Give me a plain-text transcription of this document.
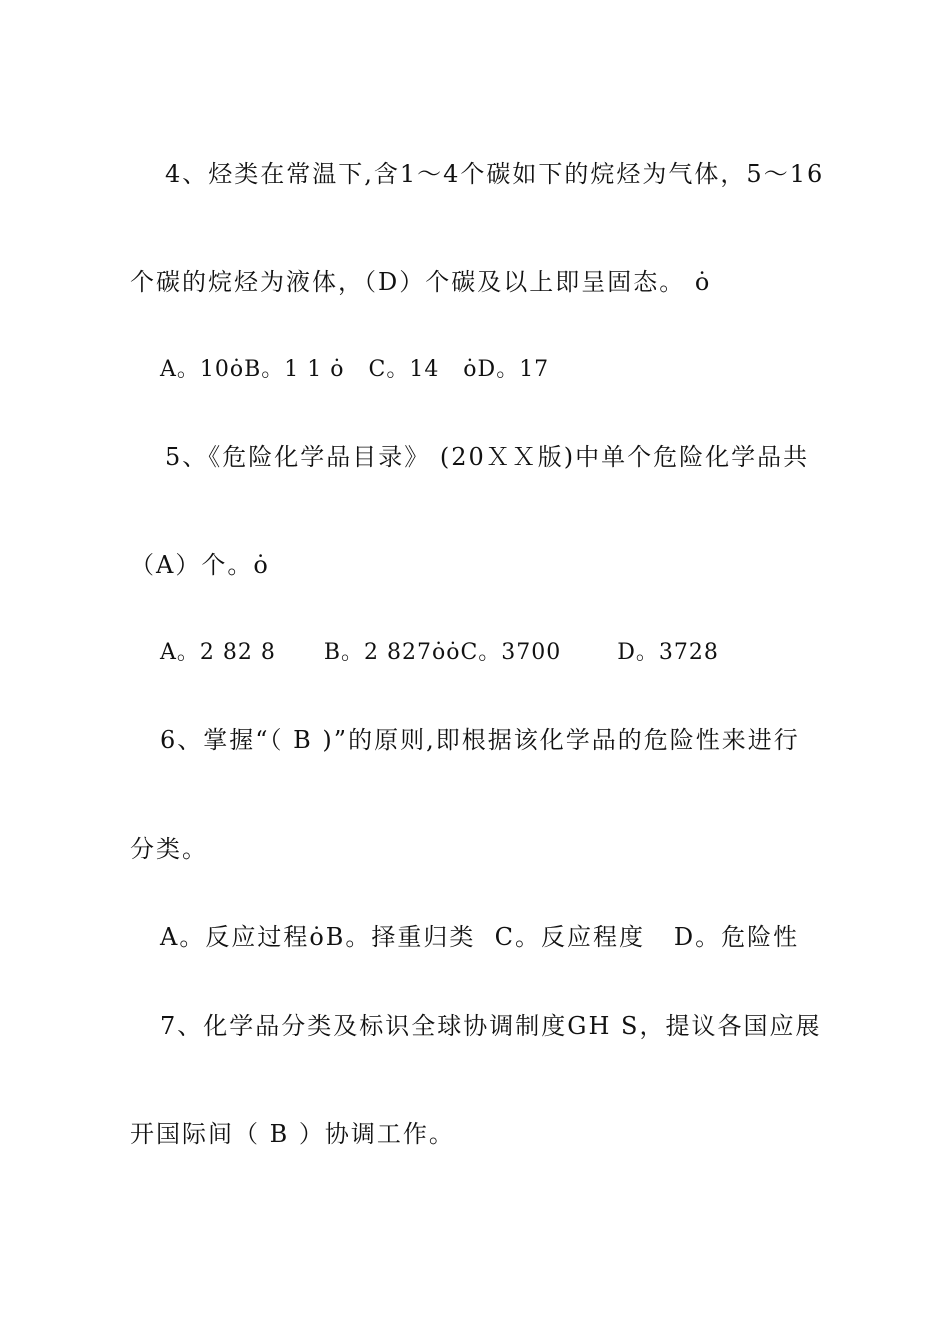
4、烃类在常温下,含1～4个碳如下的烷烃为气体，5～16
个碳的烷烃为液体，（D）个碳及以上即呈固态。 ȯ
A。10ȯB。1 1 ȯ   C。14   ȯD。17
5、《危险化学品目录》 (20ＸＸ版)中单个危险化学品共
（A）个。ȯ
A。2 82 8      B。2 827ȯȯC。3700       D。3728
6、掌握“（ B )”的原则,即根据该化学品的危险性来进行
分类。
A。反应过程ȯB。择重归类  C。反应程度   D。危险性
7、化学品分类及标识全球协调制度GH S，提议各国应展
开国际间（ B ）协调工作。
